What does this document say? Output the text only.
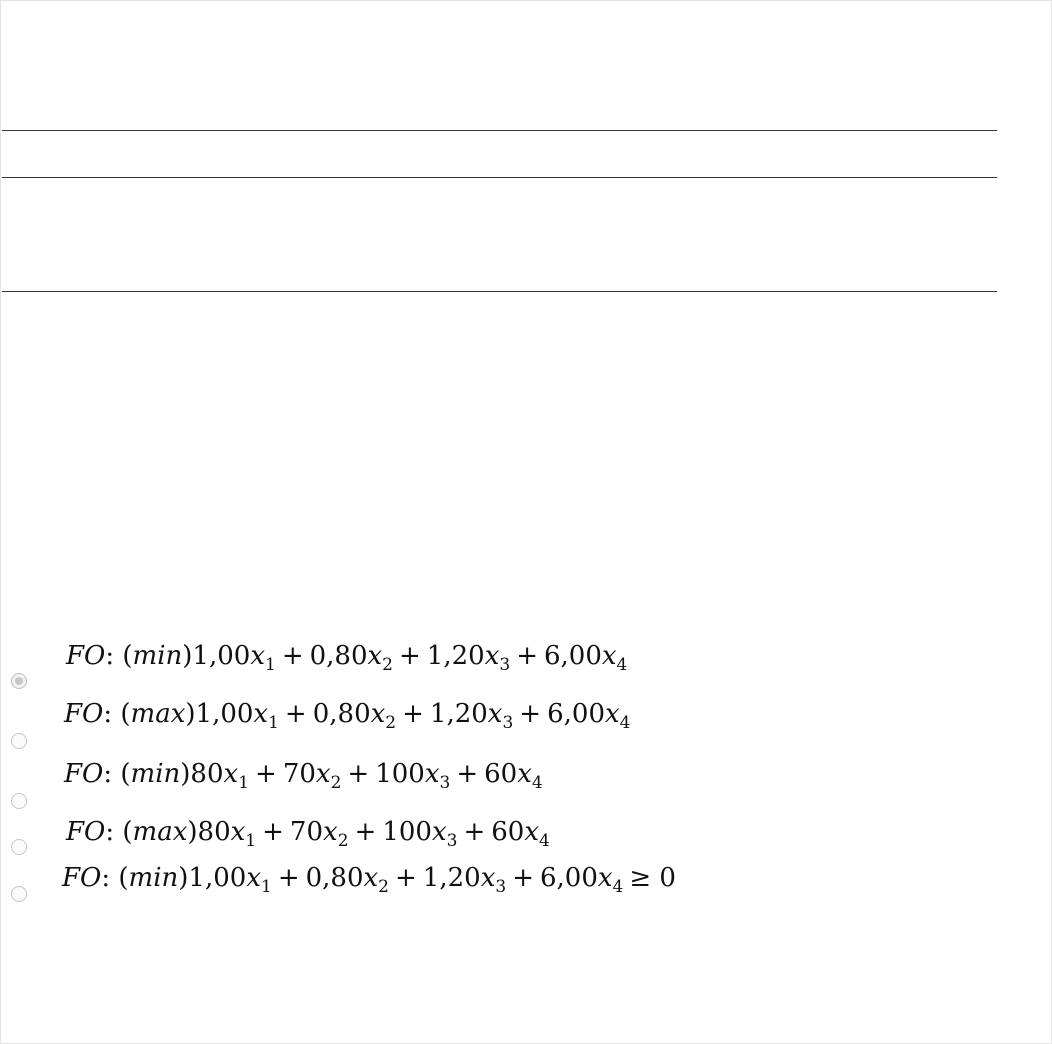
FO: $(\min)1,00x_1 + 0,80x_2 + 1,20x_3 + 6,00x_4$
FO: $(\max)1,00x_1 + 0,80x_2 + 1,20x_3 + 6,00x_4$
FO: $(\min)80x_1 + 70x_2 + 100x_3 + 60x_4$
FO: $(\max)80x_1 + 70x_2 + 100x_3 + 60x_4$
FO: $(\min)1,00x_1 + 0,80x_2 + 1,20x_3 + 6,00x_4 \ge 0$
